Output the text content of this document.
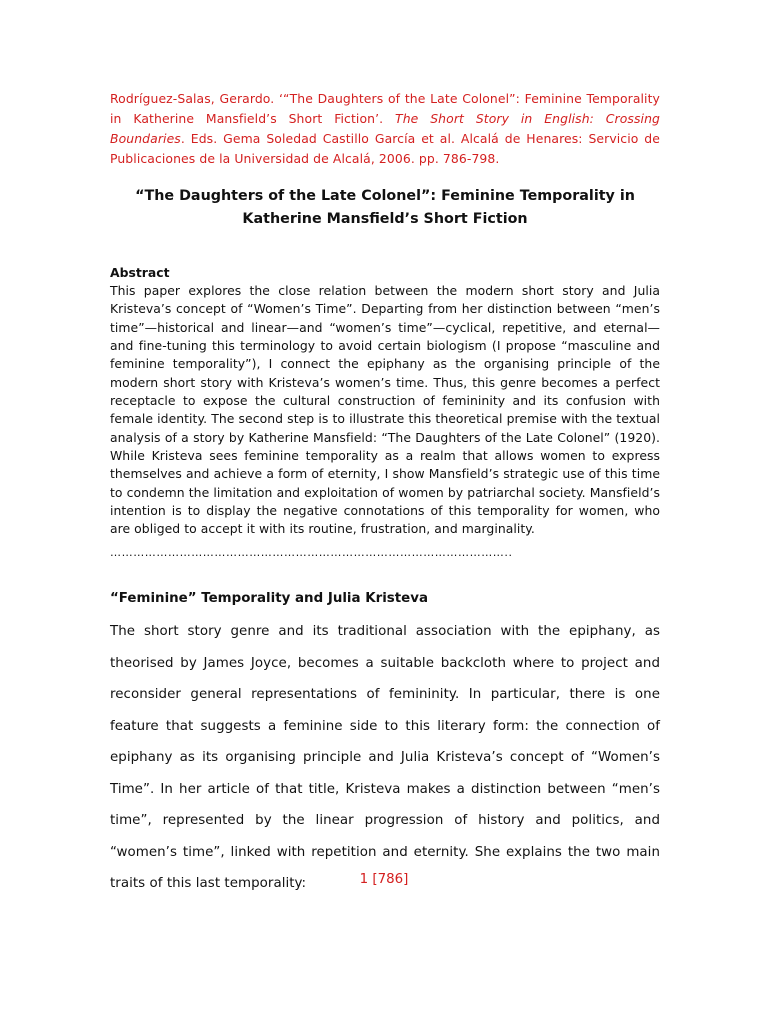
Rodríguez-Salas, Gerardo. ‘“The Daughters of the Late Colonel”: Feminine Temporality in Katherine Mansfield’s Short Fiction’. The Short Story in English: Crossing Boundaries. Eds. Gema Soledad Castillo García et al. Alcalá de Henares: Servicio de Publicaciones de la Universidad de Alcalá, 2006. pp. 786-798.

“The Daughters of the Late Colonel”: Feminine Temporality in Katherine Mansfield’s Short Fiction
Abstract

This paper explores the close relation between the modern short story and Julia Kristeva’s concept of “Women’s Time”. Departing from her distinction between “men’s time”—historical and linear—and “women’s time”—cyclical, repetitive, and eternal—and fine-tuning this terminology to avoid certain biologism (I propose “masculine and feminine temporality”), I connect the epiphany as the organising principle of the modern short story with Kristeva’s women’s time. Thus, this genre becomes a perfect receptacle to expose the cultural construction of femininity and its confusion with female identity. The second step is to illustrate this theoretical premise with the textual analysis of a story by Katherine Mansfield: “The Daughters of the Late Colonel” (1920). While Kristeva sees feminine temporality as a realm that allows women to express themselves and achieve a form of eternity, I show Mansfield’s strategic use of this time to condemn the limitation and exploitation of women by patriarchal society. Mansfield’s intention is to display the negative connotations of this temporality for women, who are obliged to accept it with its routine, frustration, and marginality.

…………………………………………………………………………………………..
“Feminine” Temporality and Julia Kristeva

The short story genre and its traditional association with the epiphany, as theorised by James Joyce, becomes a suitable backcloth where to project and reconsider general representations of femininity. In particular, there is one feature that suggests a feminine side to this literary form: the connection of epiphany as its organising principle and Julia Kristeva’s concept of “Women’s Time”. In her article of that title, Kristeva makes a distinction between “men’s time”, represented by the linear progression of history and politics, and “women’s time”, linked with repetition and eternity. She explains the two main traits of this last temporality:	1 [786]
